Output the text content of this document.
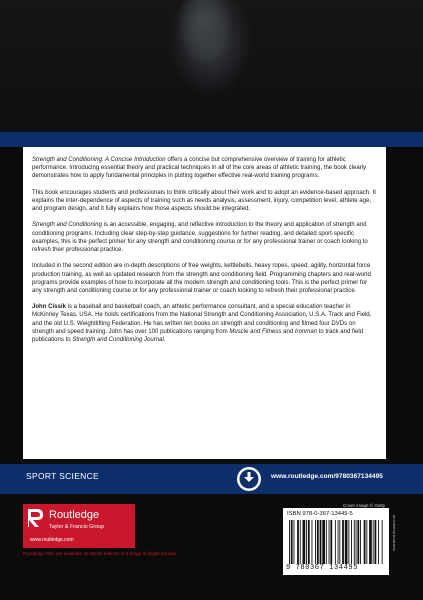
Strength and Conditioning: A Concise Introduction offers a concise but comprehensive overview of training for athletic performance. Introducing essential theory and practical techniques in all of the core areas of athletic training, the book clearly demonstrates how to apply fundamental principles in putting together effective real-world training programs.

This book encourages students and professionals to think critically about their work and to adopt an evidence-based approach. It explains the inter-dependence of aspects of training such as needs analysis, assessment, injury, competition level, athlete age, and program design, and it fully explains how those aspects should be integrated.

Strength and Conditioning is an accessible, engaging, and reflective introduction to the theory and application of strength and conditioning programs. Including clear step-by-step guidance, suggestions for further reading, and detailed sport-specific examples, this is the perfect primer for any strength and conditioning course or for any professional trainer or coach looking to refresh their professional practice.

Included in the second edition are in-depth descriptions of free weights, kettlebells, heavy ropes, speed, agility, horizontal force production training, as well as updated research from the strength and conditioning field. Programming chapters and real-world programs provide examples of how to incorporate all the modern strength and conditioning tools. This is the perfect primer for any strength and conditioning course or for any professional trainer or coach looking to refresh their professional practice.

John Cissik is a baseball and basketball coach, an athletic performance consultant, and a special education teacher in McKinney Texas, USA. He holds certifications from the National Strength and Conditioning Association, U.S.A. Track and Field, and the old U.S. Weightlifting Federation. He has written ten books on strength and conditioning and filmed four DVDs on strength and speed training. John has over 100 publications ranging from Muscle and Fitness and Ironman to track and field publications to Strength and Conditioning Journal.

SPORT SCIENCE	www.routledge.com/9780367134495
Cover image © Getty
Routledge
Taylor & Francis Group
www.routledge.com
Routledge titles are available as eBook editions in a range of digital formats
ISBN 978-0-367-13449-5
9 780367 134495
an informa business
